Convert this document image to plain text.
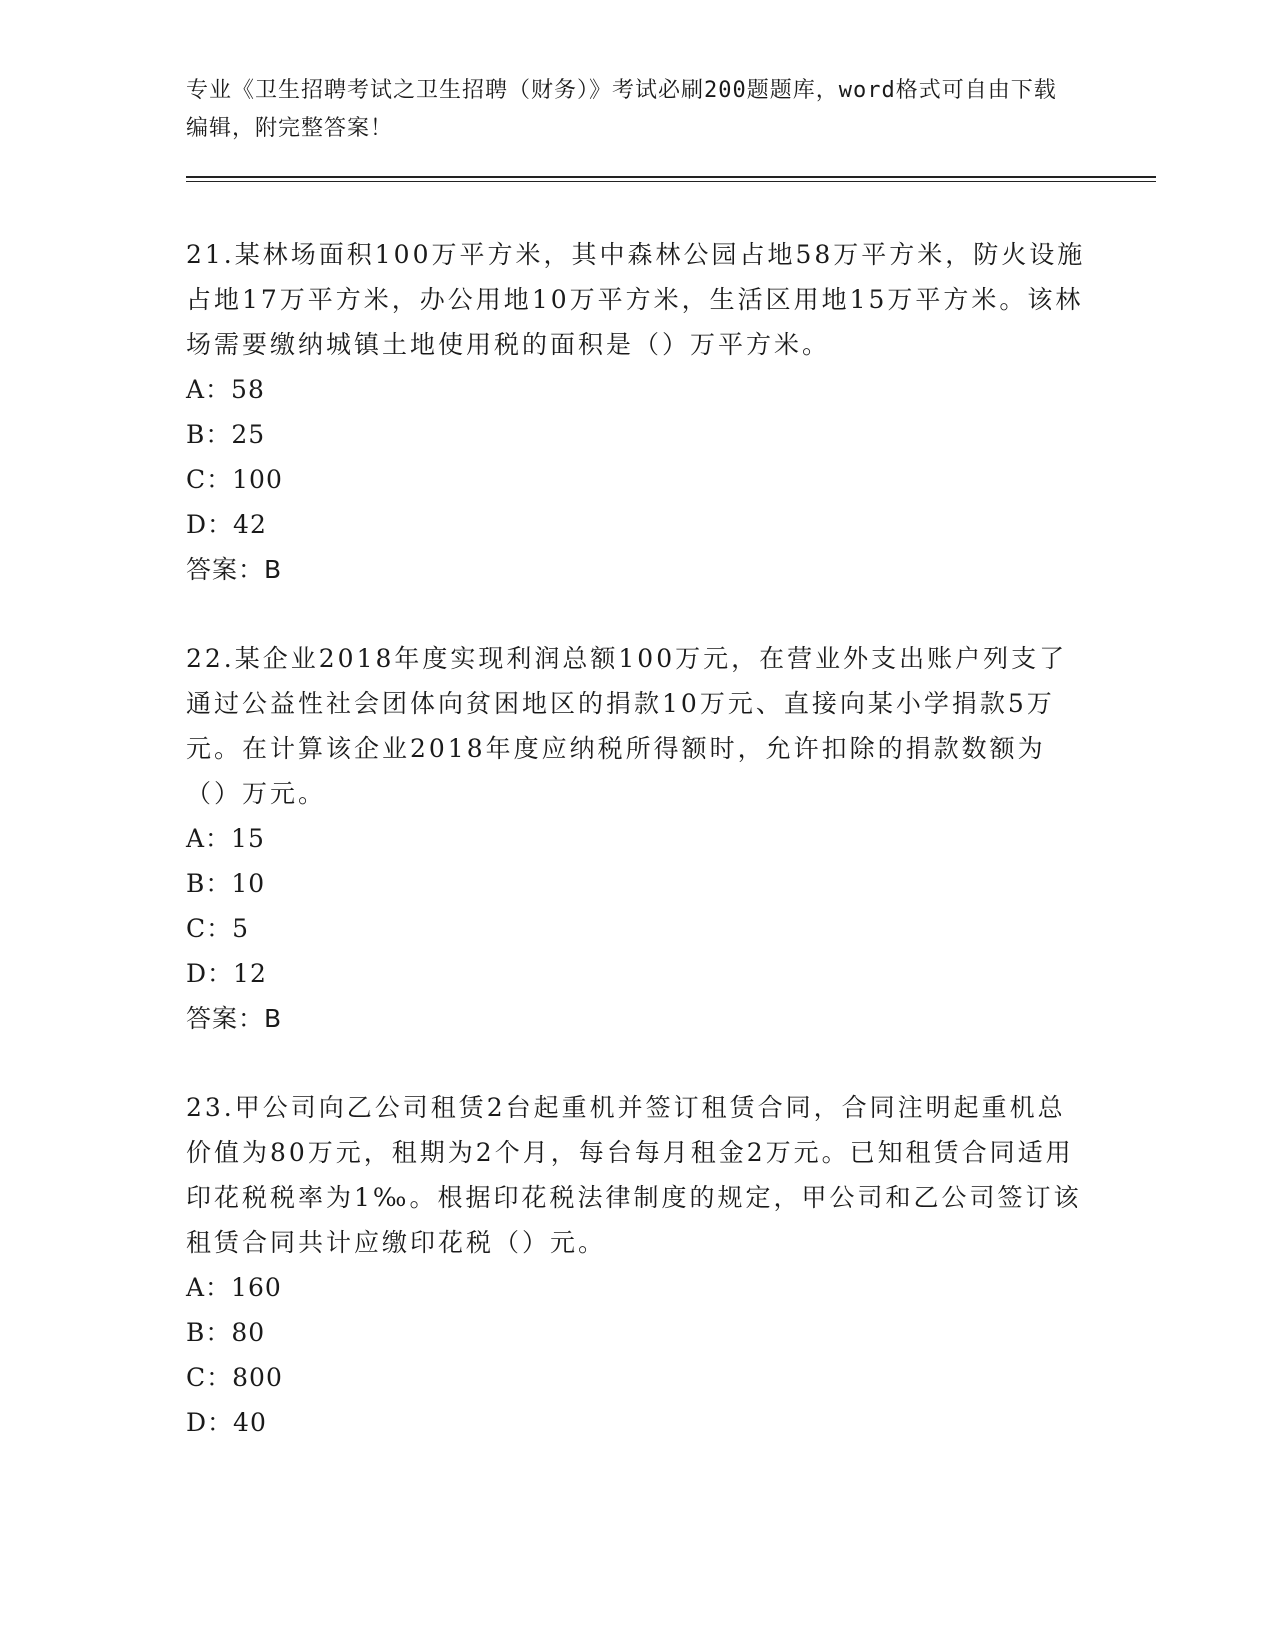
专业《卫生招聘考试之卫生招聘（财务）》考试必刷200题题库，word格式可自由下载编辑，附完整答案！

21.某林场面积100万平方米，其中森林公园占地58万平方米，防火设施占地17万平方米，办公用地10万平方米，生活区用地15万平方米。该林场需要缴纳城镇土地使用税的面积是（）万平方米。

A：58

B：25

C：100

D：42

答案：B

22.某企业2018年度实现利润总额100万元，在营业外支出账户列支了通过公益性社会团体向贫困地区的捐款10万元、直接向某小学捐款5万元。在计算该企业2018年度应纳税所得额时，允许扣除的捐款数额为（）万元。

A：15

B：10

C：5

D：12

答案：B

23.甲公司向乙公司租赁2台起重机并签订租赁合同，合同注明起重机总价值为80万元，租期为2个月，每台每月租金2万元。已知租赁合同适用印花税税率为1‰。根据印花税法律制度的规定，甲公司和乙公司签订该租赁合同共计应缴印花税（）元。

A：160

B：80

C：800

D：40
